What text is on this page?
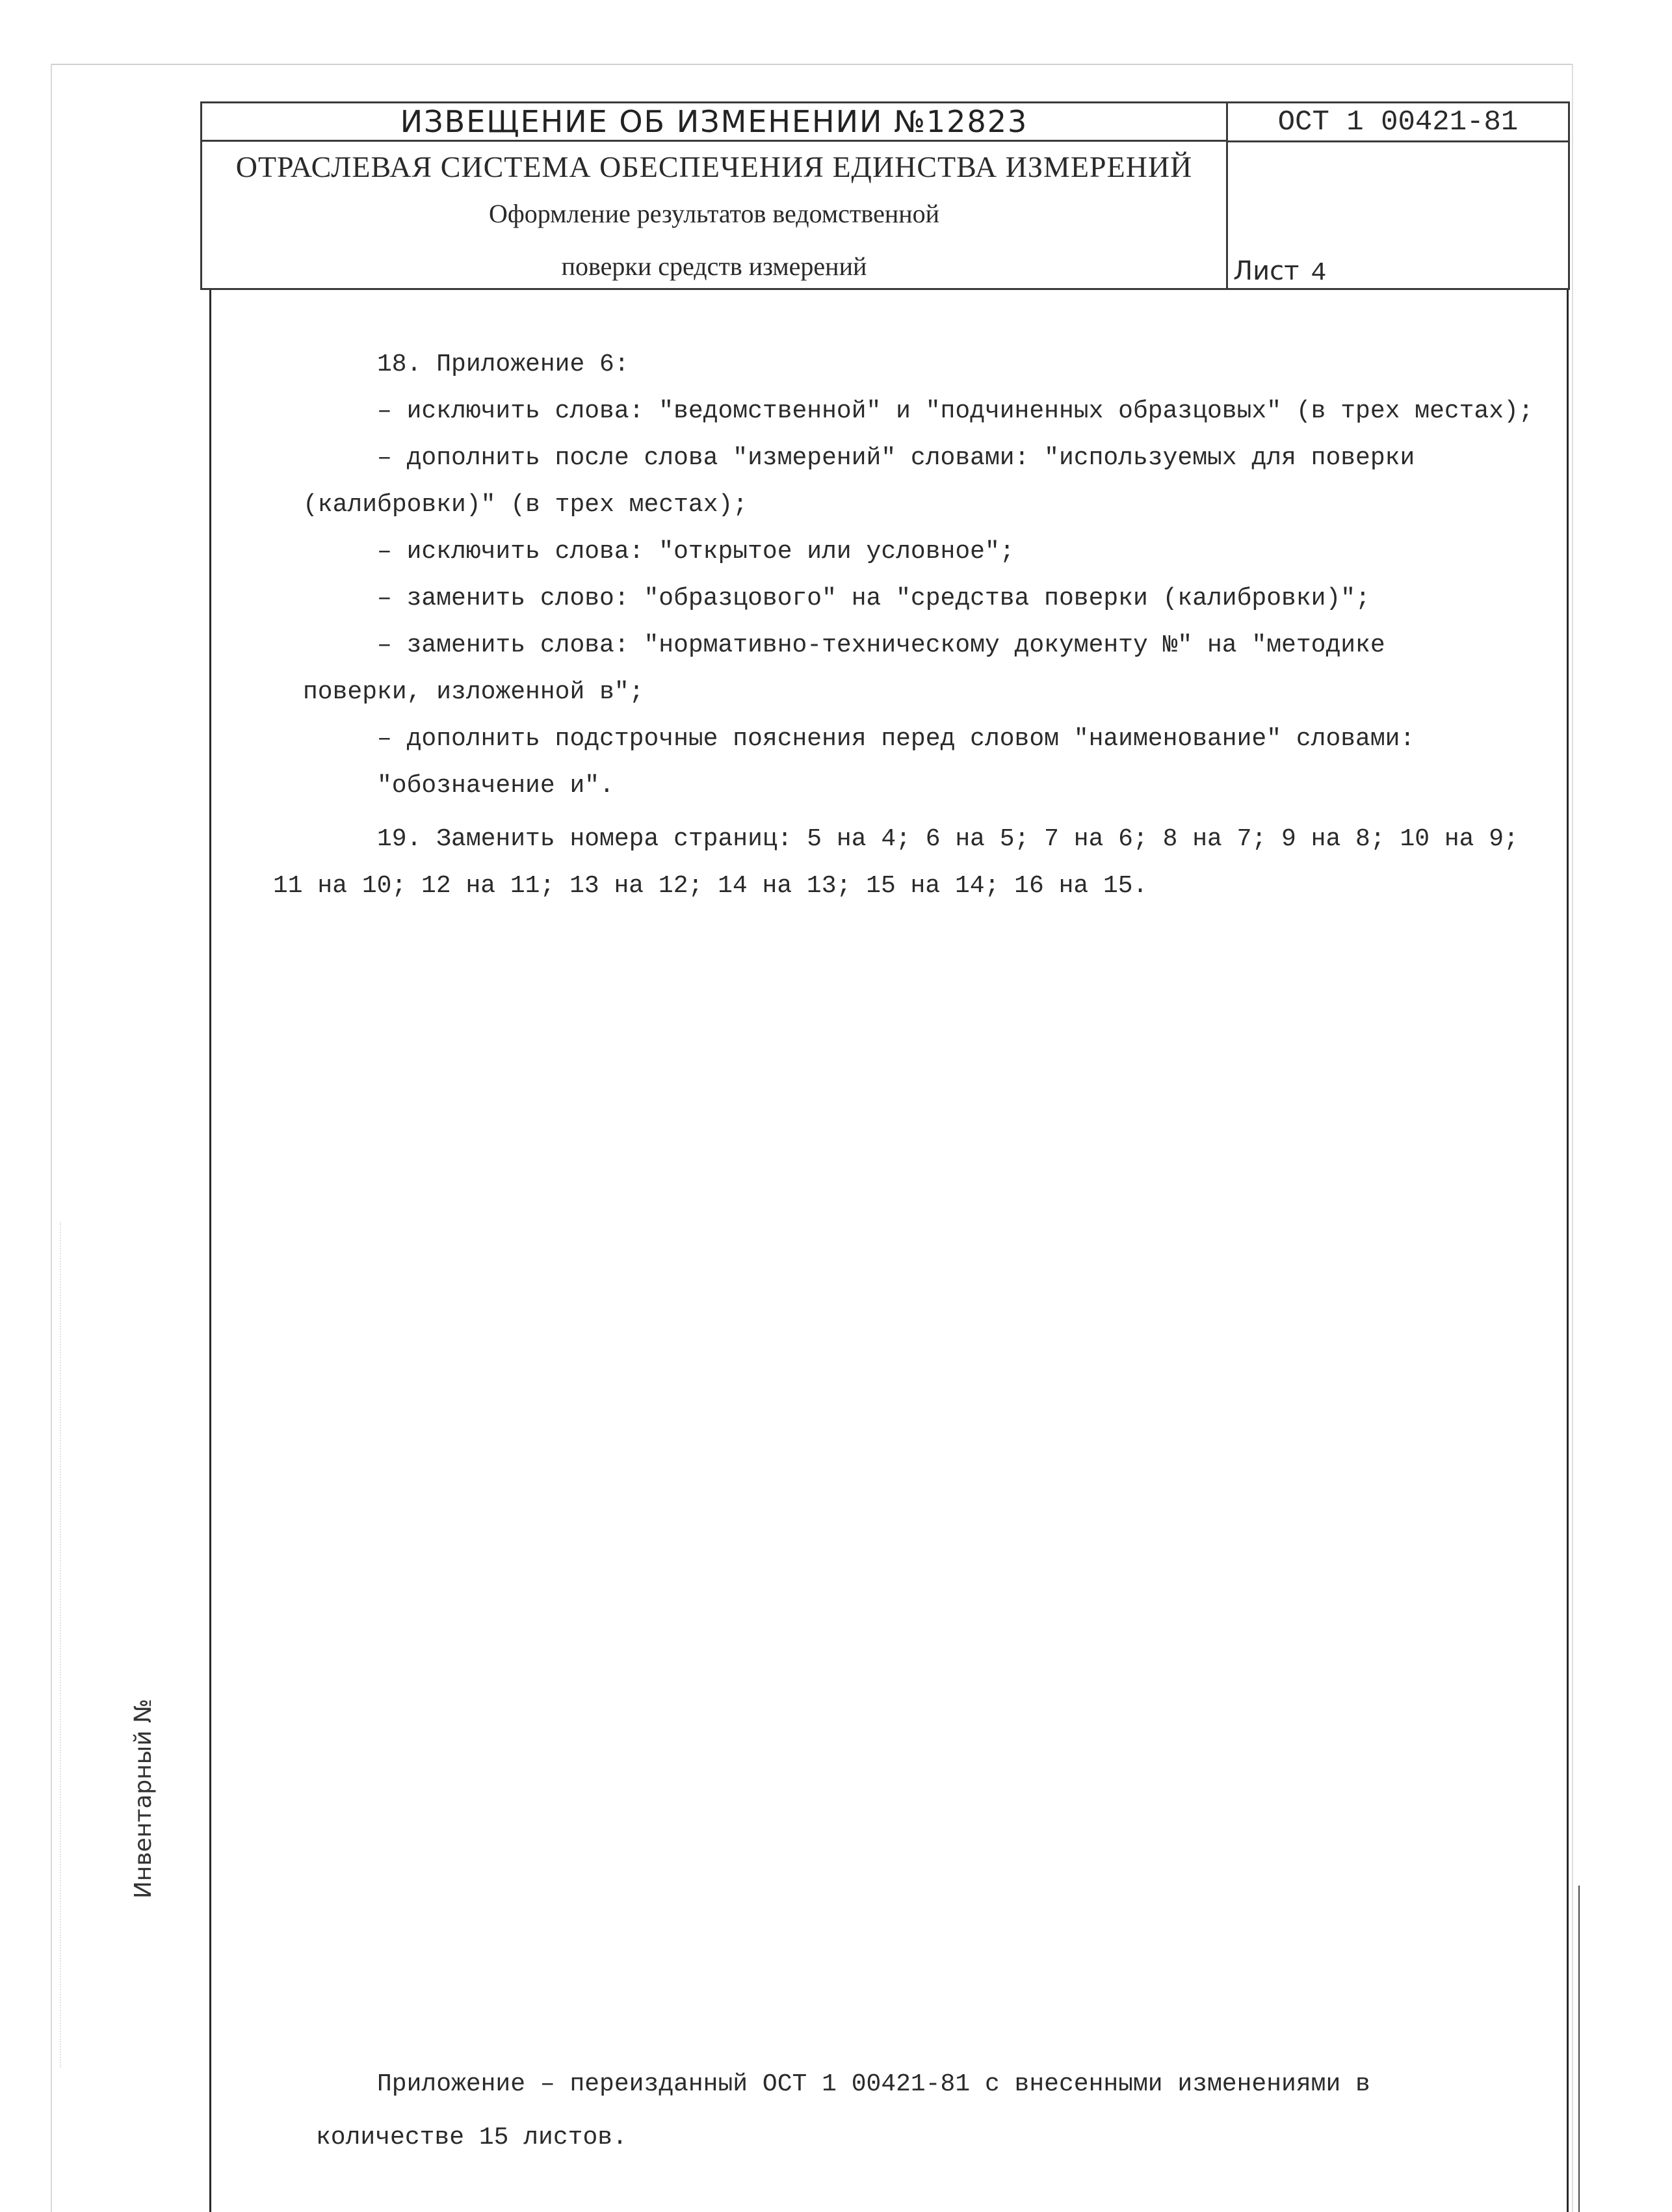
ИЗВЕЩЕНИЕ ОБ ИЗМЕНЕНИИ №12823	ОСТ 1 00421-81

ОТРАСЛЕВАЯ СИСТЕМА ОБЕСПЕЧЕНИЯ ЕДИНСТВА ИЗМЕРЕНИЙ
Оформление результатов ведомственной
поверки средств измерений

Лист 4
18. Приложение 6:
– исключить слова: ″ведомственной″ и ″подчиненных образцовых″ (в трех местах);
– дополнить после слова ″измерений″ словами: ″используемых для поверки
(калибровки)″ (в трех местах);
– исключить слова: ″открытое или условное″;
– заменить слово: ″образцового″ на ″средства поверки (калибровки)″;
– заменить слова: ″нормативно-техническому документу №″ на ″методике
поверки, изложенной в″;
– дополнить подстрочные пояснения перед словом ″наименование″ словами:
″обозначение и″.
19. Заменить номера страниц: 5 на 4; 6 на 5; 7 на 6; 8 на 7; 9 на 8; 10 на 9;
11 на 10; 12 на 11; 13 на 12; 14 на 13; 15 на 14; 16 на 15.
Приложение – переизданный ОСТ 1 00421-81 с внесенными изменениями в
количестве 15 листов.
Инвентарный №
